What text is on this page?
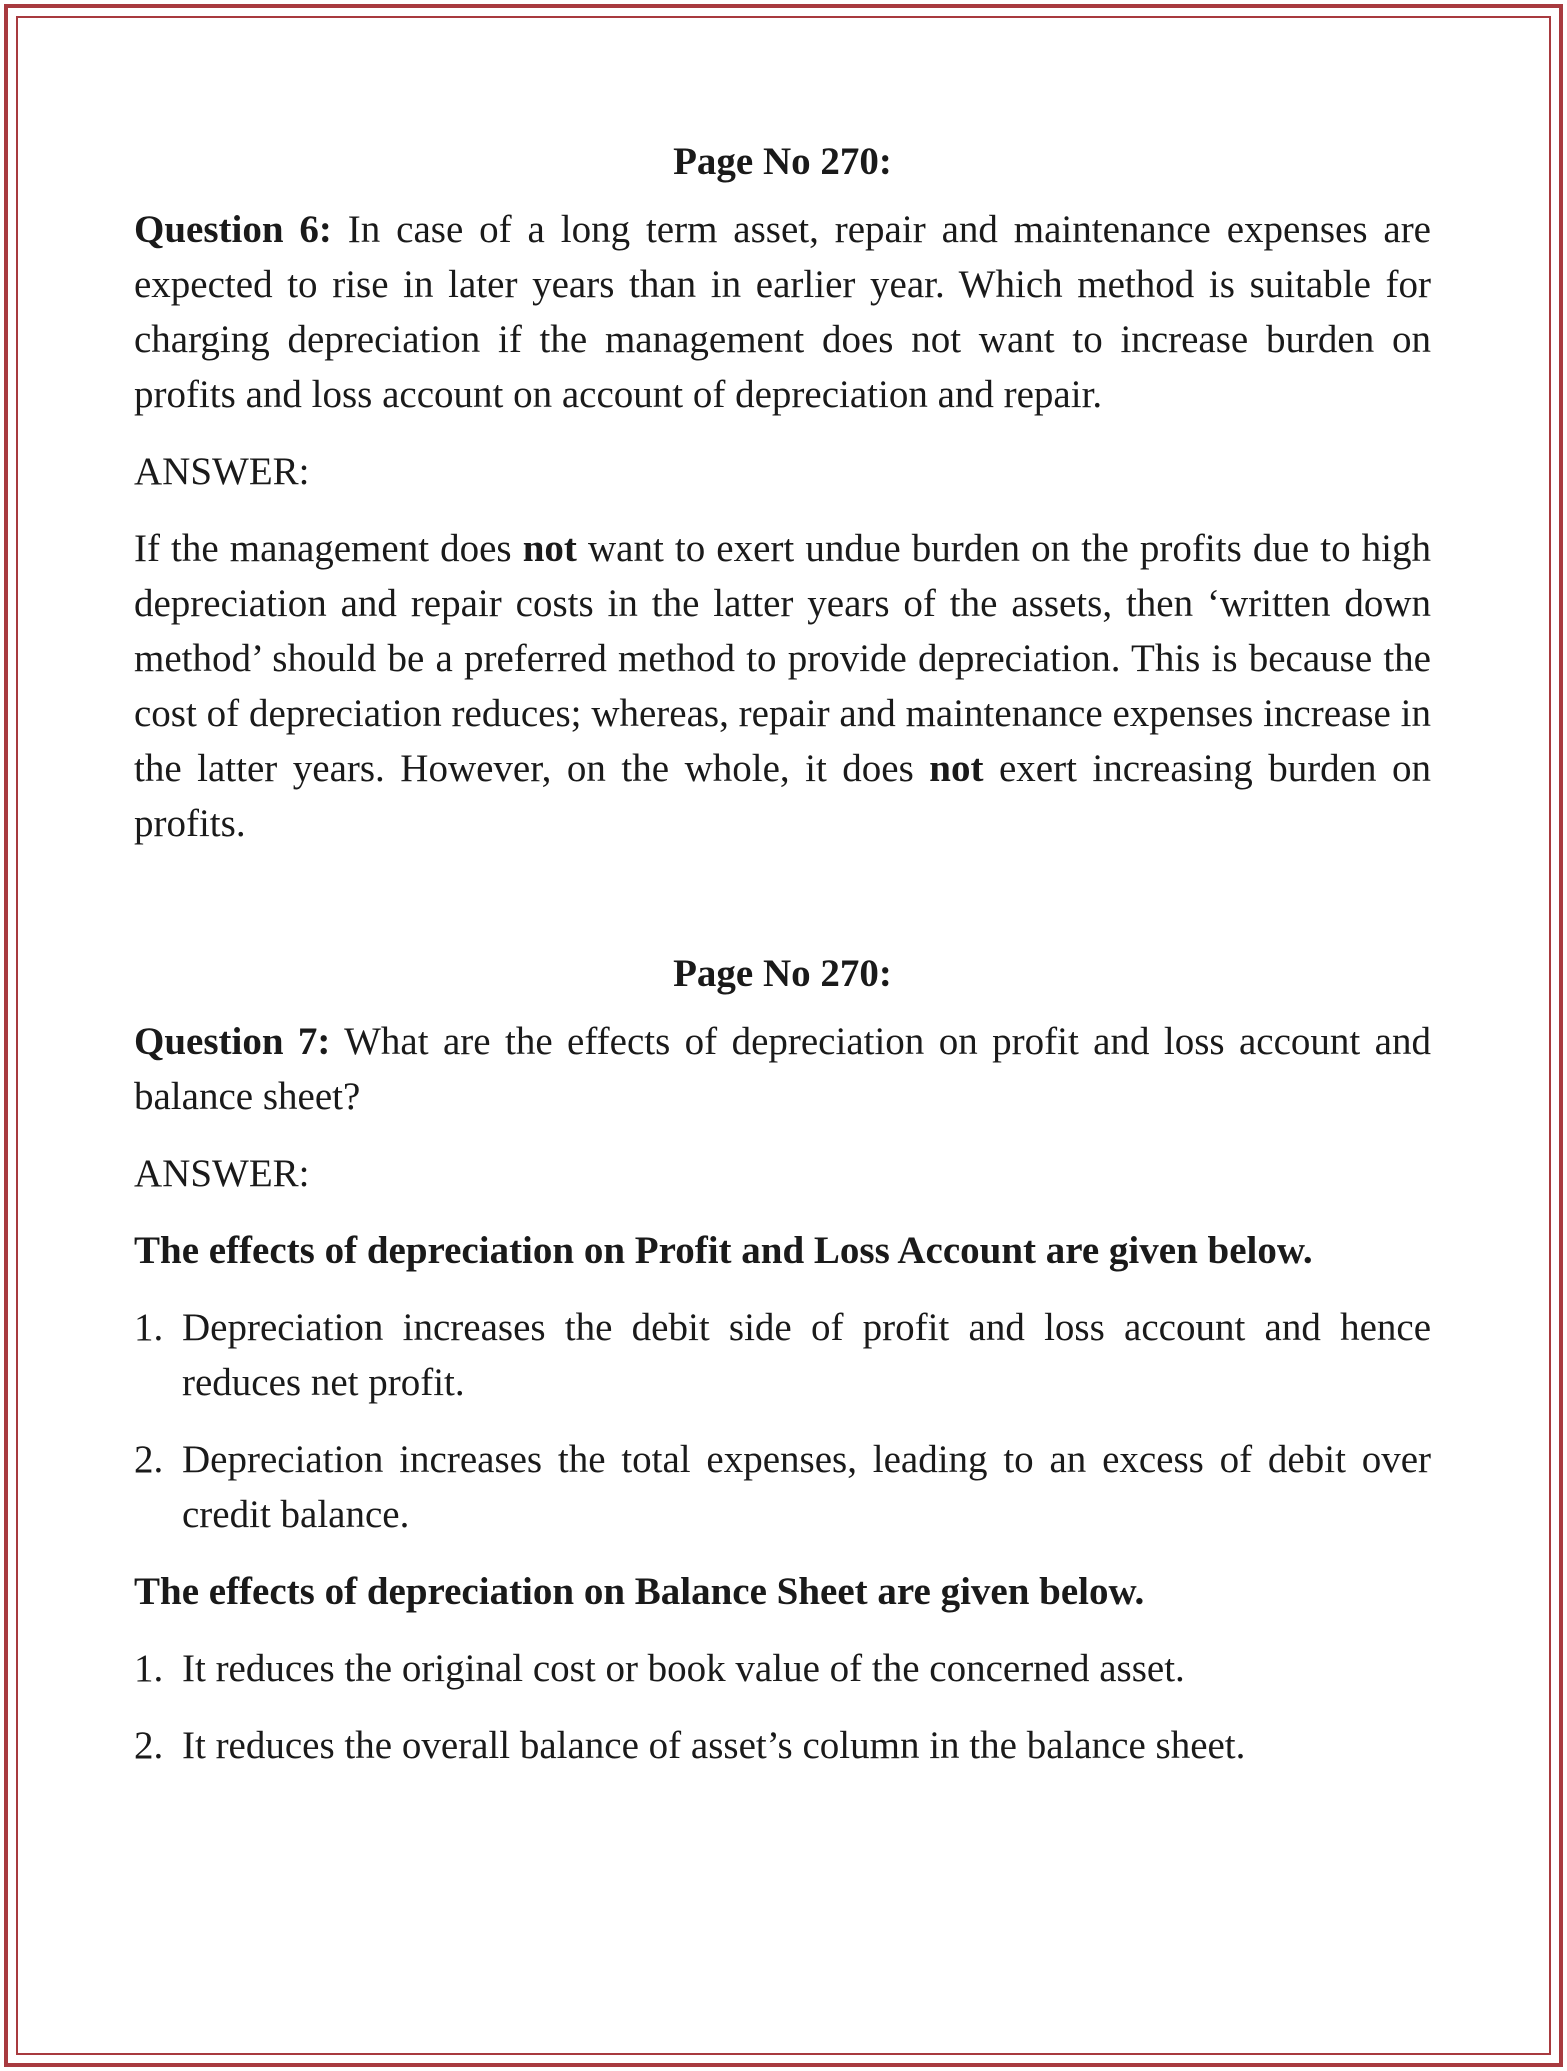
Page No 270:

Question 6: In case of a long term asset, repair and maintenance expenses are expected to rise in later years than in earlier year. Which method is suitable for charging depreciation if the management does not want to increase burden on profits and loss account on account of depreciation and repair.

ANSWER:

If the management does not want to exert undue burden on the profits due to high depreciation and repair costs in the latter years of the assets, then ‘written down method’ should be a preferred method to provide depreciation. This is because the cost of depreciation reduces; whereas, repair and maintenance expenses increase in the latter years. However, on the whole, it does not exert increasing burden on profits.

Page No 270:

Question 7: What are the effects of depreciation on profit and loss account and balance sheet?

ANSWER:

The effects of depreciation on Profit and Loss Account are given below.

1. Depreciation increases the debit side of profit and loss account and hence reduces net profit.
2. Depreciation increases the total expenses, leading to an excess of debit over credit balance.

The effects of depreciation on Balance Sheet are given below.

1. It reduces the original cost or book value of the concerned asset.
2. It reduces the overall balance of asset’s column in the balance sheet.
